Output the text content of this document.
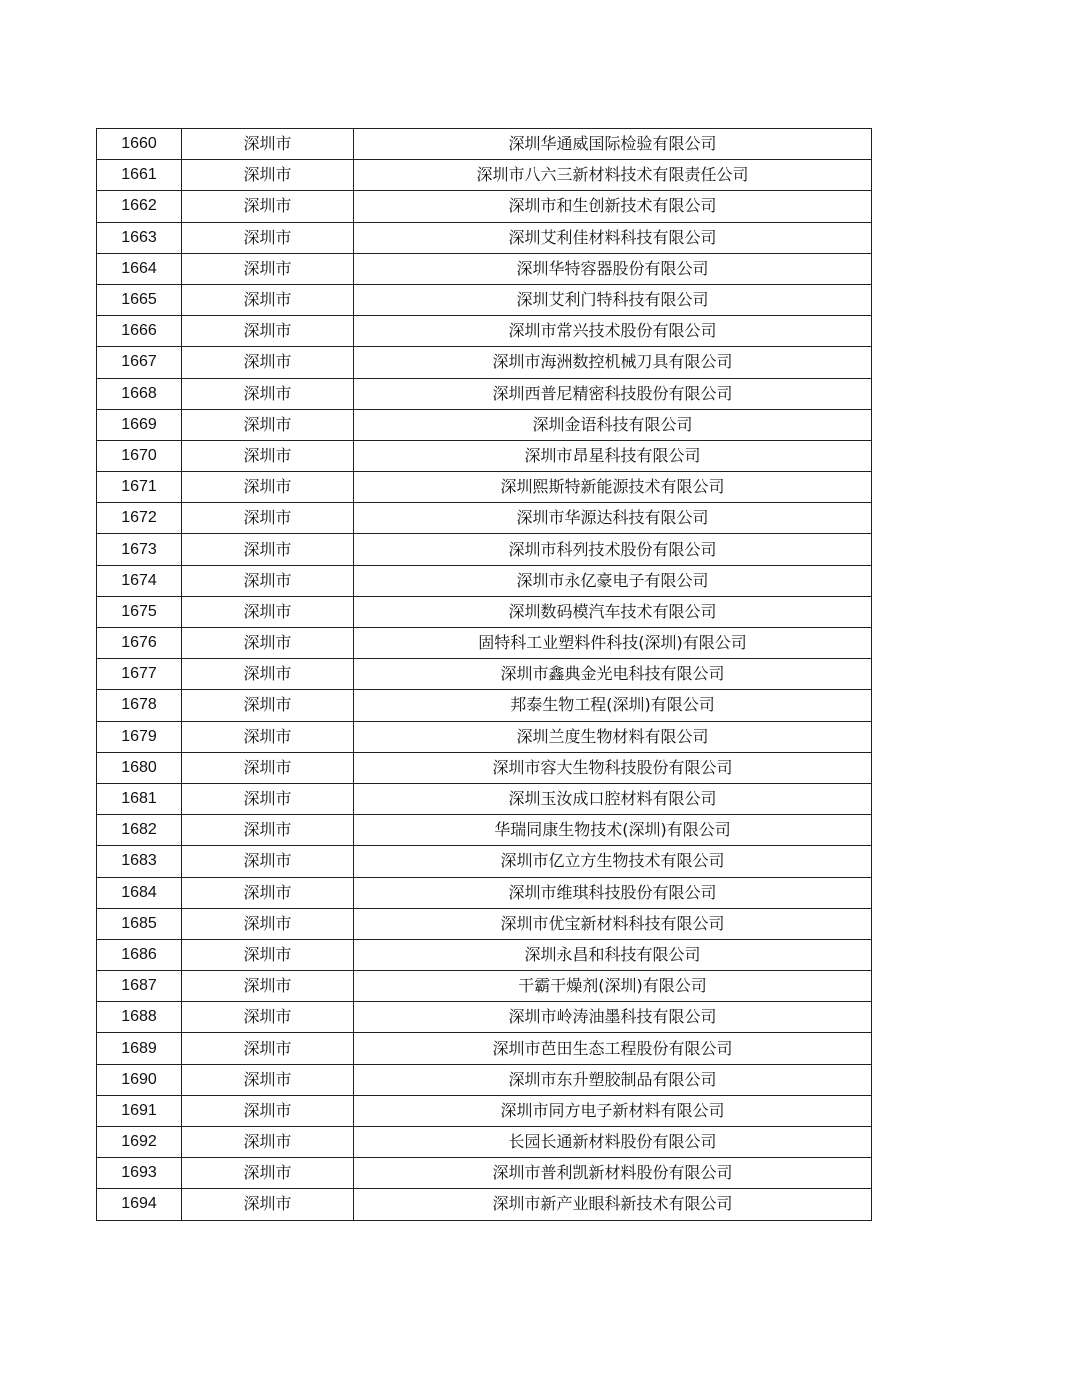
1660	深圳市	深圳华通威国际检验有限公司
1661	深圳市	深圳市八六三新材料技术有限责任公司
1662	深圳市	深圳市和生创新技术有限公司
1663	深圳市	深圳艾利佳材料科技有限公司
1664	深圳市	深圳华特容器股份有限公司
1665	深圳市	深圳艾利门特科技有限公司
1666	深圳市	深圳市常兴技术股份有限公司
1667	深圳市	深圳市海洲数控机械刀具有限公司
1668	深圳市	深圳西普尼精密科技股份有限公司
1669	深圳市	深圳金语科技有限公司
1670	深圳市	深圳市昂星科技有限公司
1671	深圳市	深圳熙斯特新能源技术有限公司
1672	深圳市	深圳市华源达科技有限公司
1673	深圳市	深圳市科列技术股份有限公司
1674	深圳市	深圳市永亿豪电子有限公司
1675	深圳市	深圳数码模汽车技术有限公司
1676	深圳市	固特科工业塑料件科技(深圳)有限公司
1677	深圳市	深圳市鑫典金光电科技有限公司
1678	深圳市	邦泰生物工程(深圳)有限公司
1679	深圳市	深圳兰度生物材料有限公司
1680	深圳市	深圳市容大生物科技股份有限公司
1681	深圳市	深圳玉汝成口腔材料有限公司
1682	深圳市	华瑞同康生物技术(深圳)有限公司
1683	深圳市	深圳市亿立方生物技术有限公司
1684	深圳市	深圳市维琪科技股份有限公司
1685	深圳市	深圳市优宝新材料科技有限公司
1686	深圳市	深圳永昌和科技有限公司
1687	深圳市	干霸干燥剂(深圳)有限公司
1688	深圳市	深圳市岭涛油墨科技有限公司
1689	深圳市	深圳市芭田生态工程股份有限公司
1690	深圳市	深圳市东升塑胶制品有限公司
1691	深圳市	深圳市同方电子新材料有限公司
1692	深圳市	长园长通新材料股份有限公司
1693	深圳市	深圳市普利凯新材料股份有限公司
1694	深圳市	深圳市新产业眼科新技术有限公司
